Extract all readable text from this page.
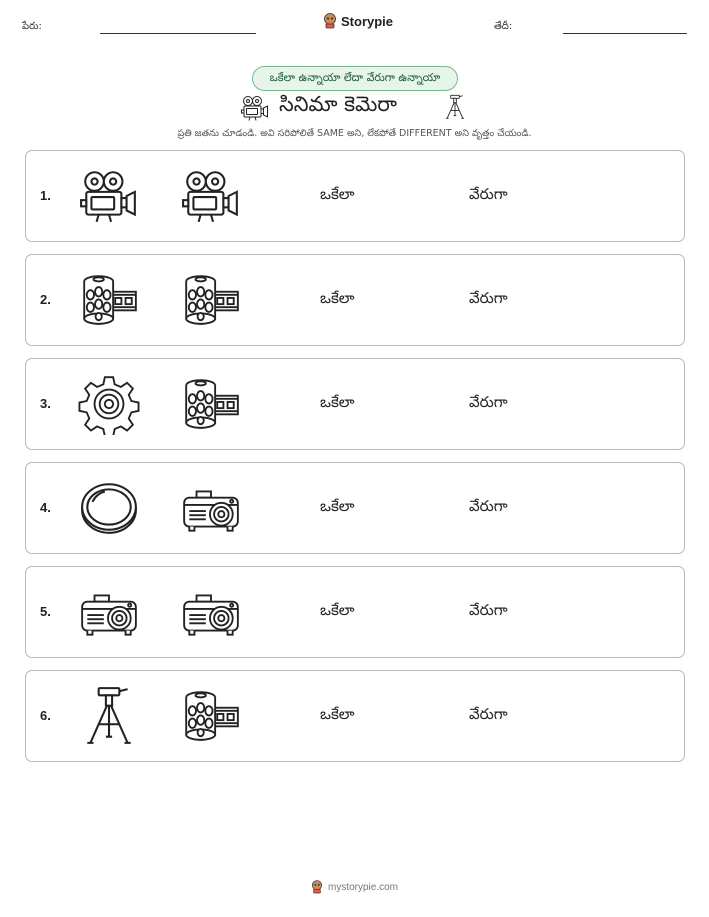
పేరు:	Storypie	తేదీ:
ఒకేలా ఉన్నాయా లేదా వేరుగా ఉన్నాయా
సినిమా కెమెరా
ప్రతి జతను చూడండి. అవి సరిపోలితే SAME అని, లేకపోతే DIFFERENT అని వృత్తం చేయండి.
1.	ఒకేలా	వేరుగా
2.	ఒకేలా	వేరుగా
3.	ఒకేలా	వేరుగా
4.	ఒకేలా	వేరుగా
5.	ఒకేలా	వేరుగా
6.	ఒకేలా	వేరుగా
mystorypie.com
